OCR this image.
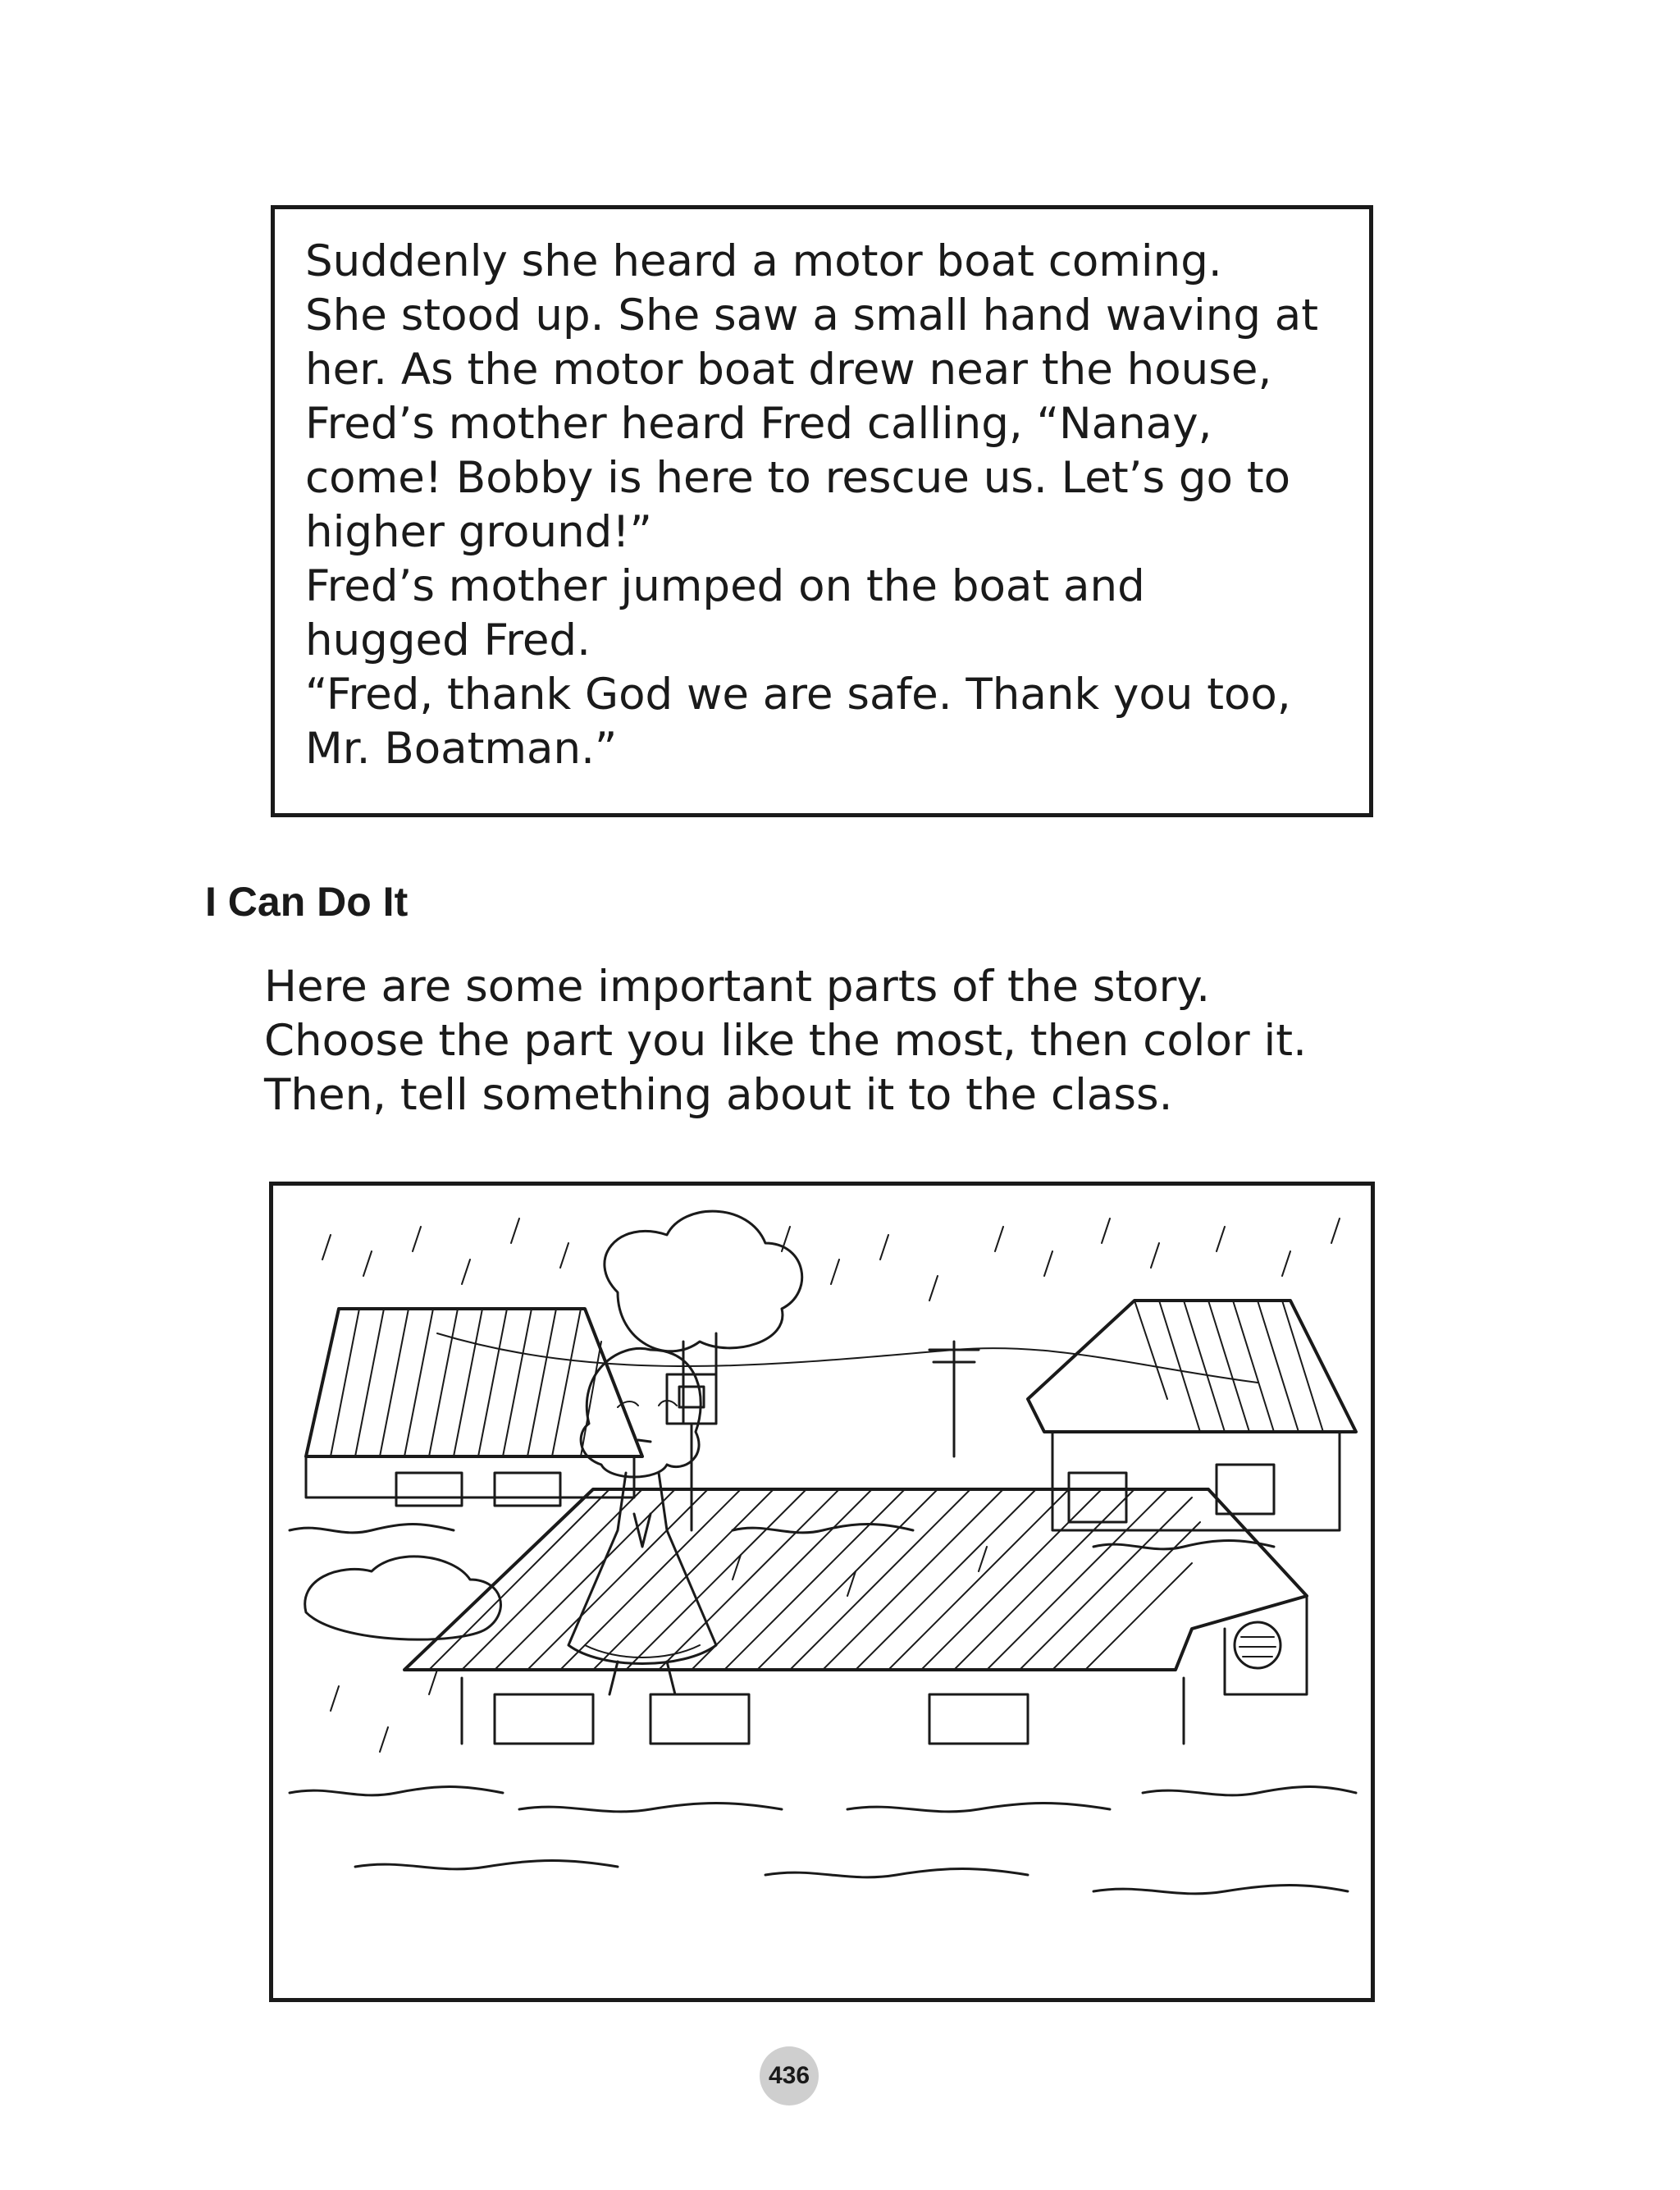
Suddenly she heard a motor boat coming.
She stood up. She saw a small hand waving at
her. As the motor boat drew near the house,
Fred’s mother heard Fred calling, “Nanay,
come! Bobby is here to rescue us. Let’s go to
higher ground!”
Fred’s mother jumped on the boat and
hugged Fred.
“Fred, thank God we are safe. Thank you too,
Mr. Boatman.”
I Can Do It
Here are some important parts of the story.
Choose the part you like the most, then color it.
Then, tell something about it to the class.
436
